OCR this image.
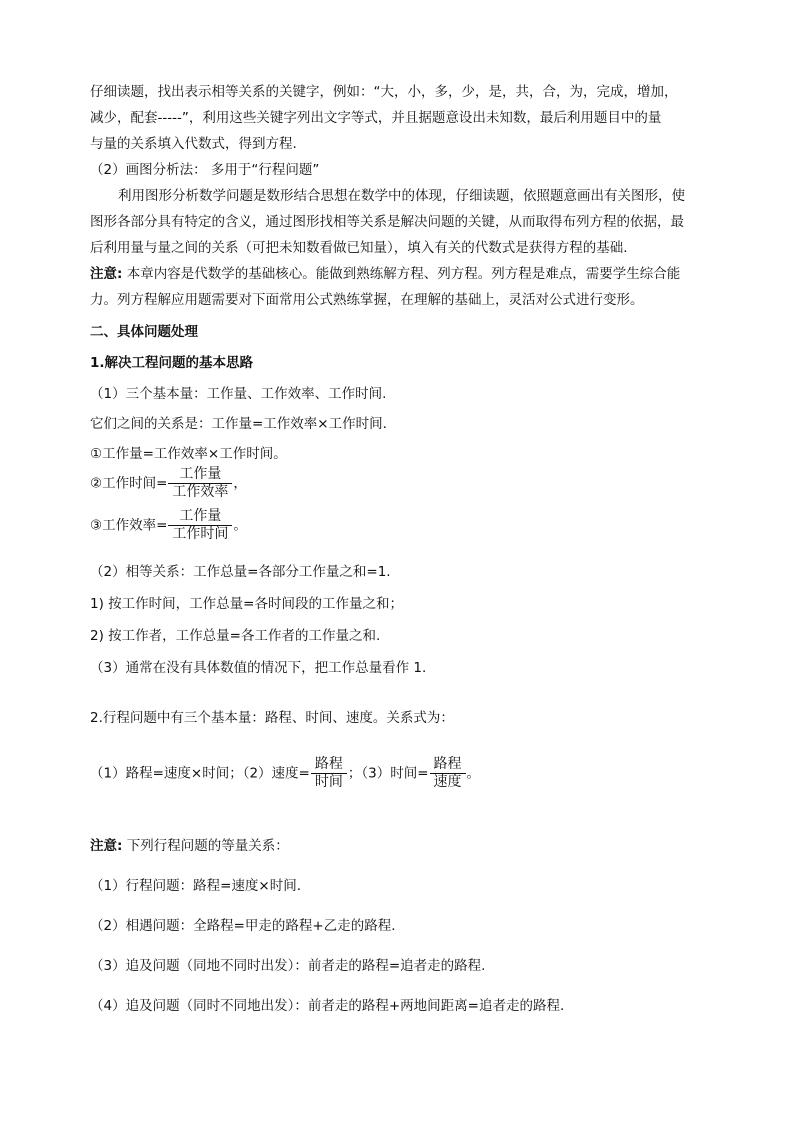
仔细读题，找出表示相等关系的关键字，例如：“大，小，多，少，是，共，合，为，完成，增加，
减少，配套-----”，利用这些关键字列出文字等式，并且据题意设出未知数，最后利用题目中的量
与量的关系填入代数式，得到方程.
（2）画图分析法： 多用于“行程问题”
利用图形分析数学问题是数形结合思想在数学中的体现，仔细读题，依照题意画出有关图形，使
图形各部分具有特定的含义，通过图形找相等关系是解决问题的关键，从而取得布列方程的依据，最
后利用量与量之间的关系（可把未知数看做已知量），填入有关的代数式是获得方程的基础.
注意: 本章内容是代数学的基础核心。能做到熟练解方程、列方程。列方程是难点，需要学生综合能
力。列方程解应用题需要对下面常用公式熟练掌握，在理解的基础上，灵活对公式进行变形。
二、具体问题处理
1.解决工程问题的基本思路
（1）三个基本量：工作量、工作效率、工作时间.
它们之间的关系是：工作量=工作效率×工作时间.
①工作量=工作效率×工作时间。
②工作时间= $\frac{\text{工作量}}{\text{工作效率}}$ ，
③工作效率= $\frac{\text{工作量}}{\text{工作时间}}$ 。
（2）相等关系：工作总量=各部分工作量之和=1.
1) 按工作时间，工作总量=各时间段的工作量之和；
2) 按工作者，工作总量=各工作者的工作量之和.
（3）通常在没有具体数值的情况下，把工作总量看作 1.
2.行程问题中有三个基本量：路程、时间、速度。关系式为：
（1）路程=速度×时间；（2）速度= $\frac{\text{路程}}{\text{时间}}$ ；（3）时间= $\frac{\text{路程}}{\text{速度}}$ 。
注意: 下列行程问题的等量关系：
（1）行程问题：路程=速度×时间.
（2）相遇问题：全路程=甲走的路程+乙走的路程.
（3）追及问题（同地不同时出发）：前者走的路程=追者走的路程.
（4）追及问题（同时不同地出发）：前者走的路程+两地间距离=追者走的路程.
